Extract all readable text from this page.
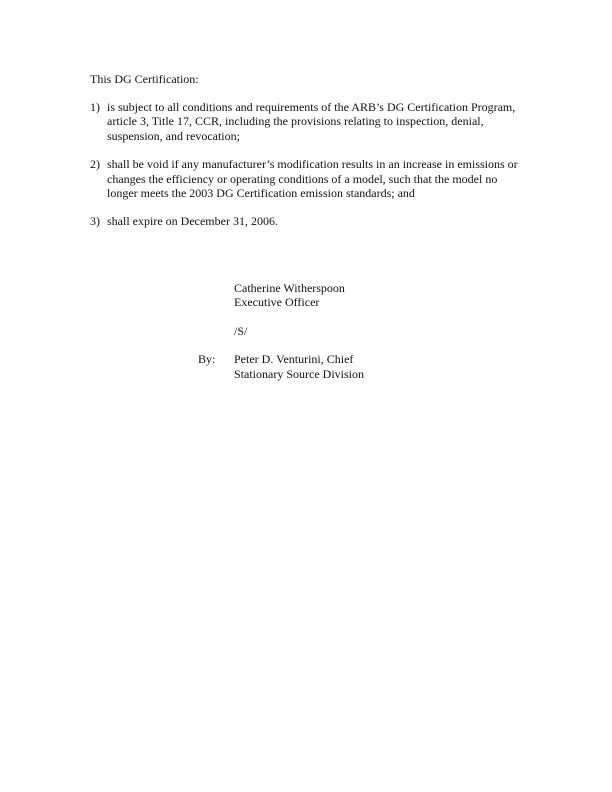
This DG Certification:
1) is subject to all conditions and requirements of the ARB’s DG Certification Program,
article 3, Title 17, CCR, including the provisions relating to inspection, denial,
suspension, and revocation;
2) shall be void if any manufacturer’s modification results in an increase in emissions or
changes the efficiency or operating conditions of a model, such that the model no
longer meets the 2003 DG Certification emission standards; and
3) shall expire on December 31, 2006.
Catherine Witherspoon
Executive Officer
/S/
By: Peter D. Venturini, Chief
Stationary Source Division
